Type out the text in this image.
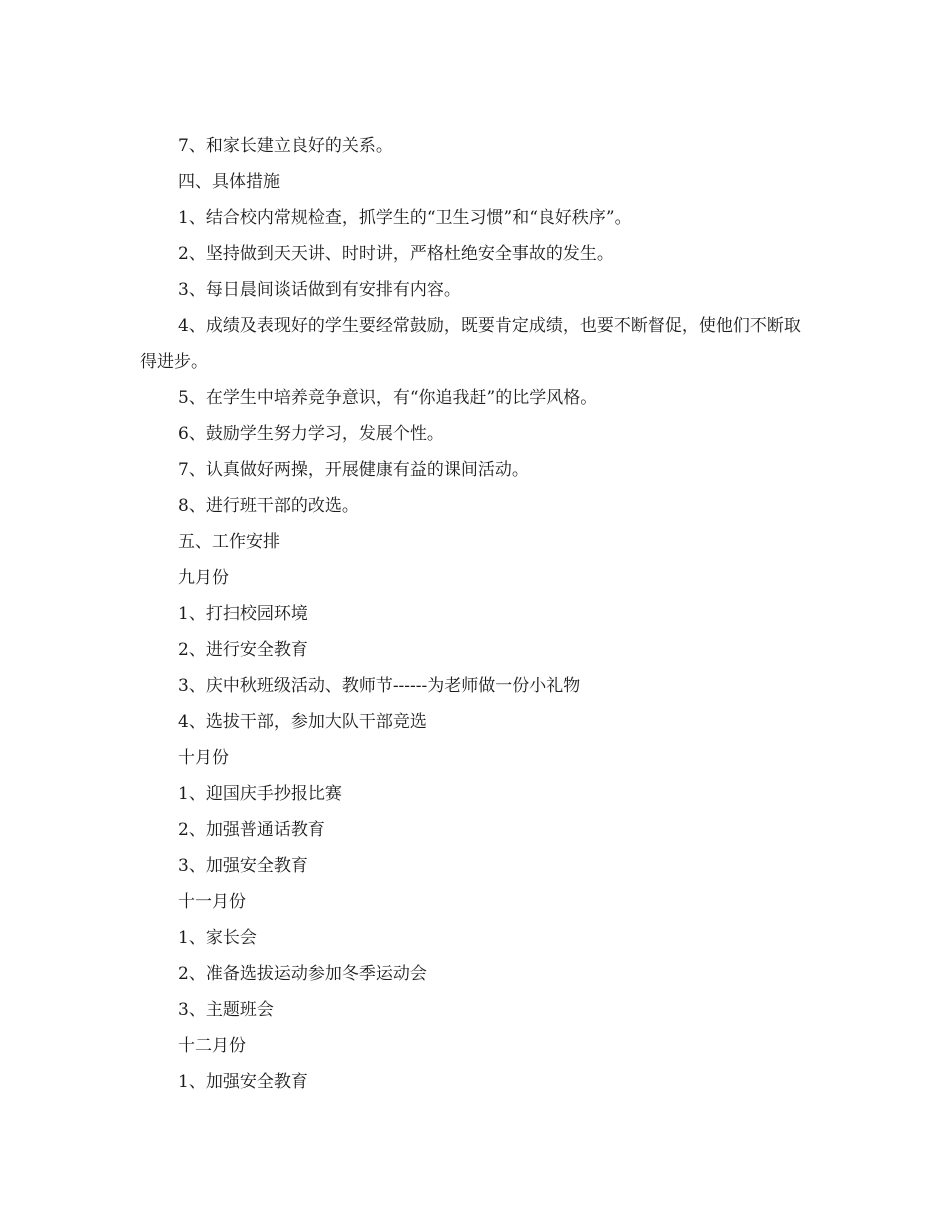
7、和家长建立良好的关系。
四、具体措施
1、结合校内常规检查，抓学生的“卫生习惯”和“良好秩序”。
2、坚持做到天天讲、时时讲，严格杜绝安全事故的发生。
3、每日晨间谈话做到有安排有内容。
4、成绩及表现好的学生要经常鼓励，既要肯定成绩，也要不断督促，使他们不断取得进步。
5、在学生中培养竞争意识，有“你追我赶”的比学风格。
6、鼓励学生努力学习，发展个性。
7、认真做好两操，开展健康有益的课间活动。
8、进行班干部的改选。
五、工作安排
九月份
1、打扫校园环境
2、进行安全教育
3、庆中秋班级活动、教师节------为老师做一份小礼物
4、选拔干部，参加大队干部竞选
十月份
1、迎国庆手抄报比赛
2、加强普通话教育
3、加强安全教育
十一月份
1、家长会
2、准备选拔运动参加冬季运动会
3、主题班会
十二月份
1、加强安全教育
